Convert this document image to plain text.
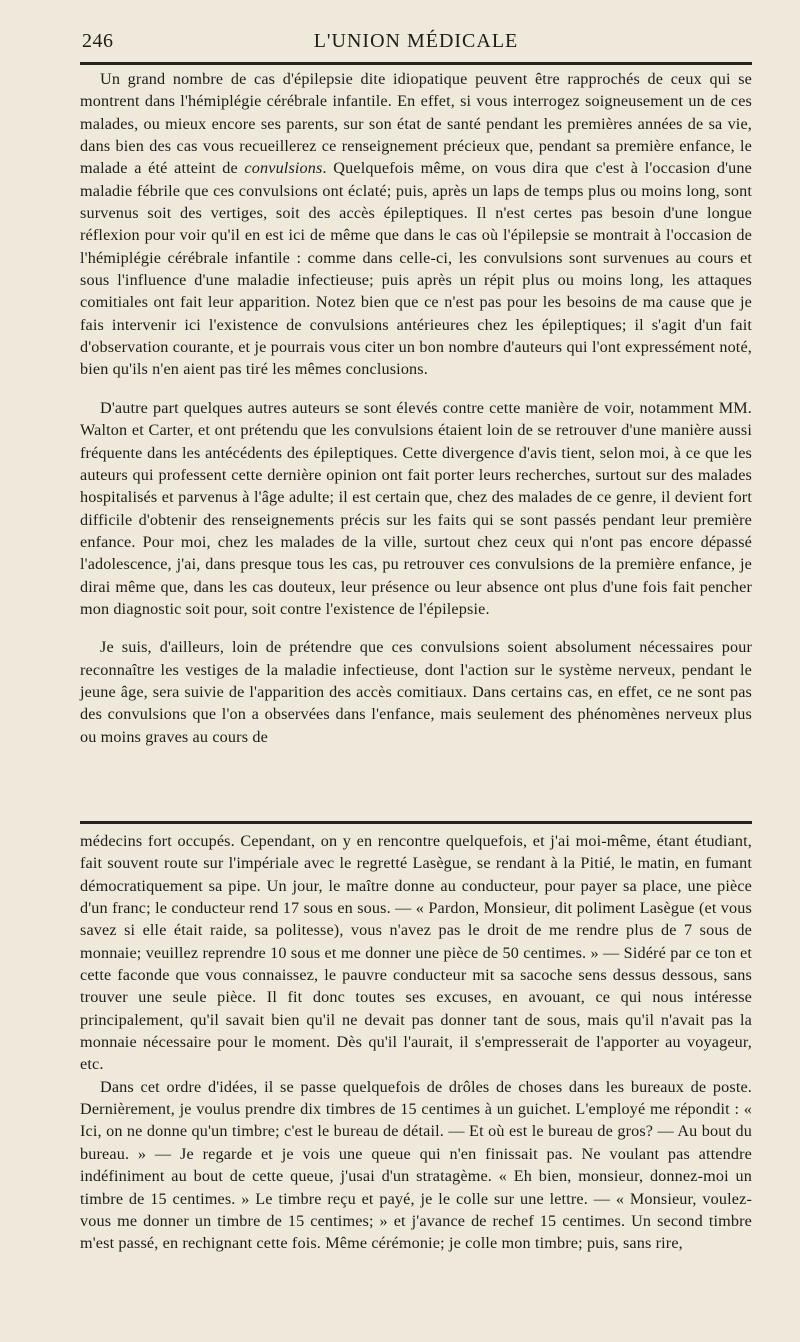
246	L'UNION MÉDICALE

Un grand nombre de cas d'épilepsie dite idiopatique peuvent être rapprochés de ceux qui se montrent dans l'hémiplégie cérébrale infantile. En effet, si vous interrogez soigneusement un de ces malades, ou mieux encore ses parents, sur son état de santé pendant les premières années de sa vie, dans bien des cas vous recueillerez ce renseignement précieux que, pendant sa première enfance, le malade a été atteint de convulsions. Quelquefois même, on vous dira que c'est à l'occasion d'une maladie fébrile que ces convulsions ont éclaté; puis, après un laps de temps plus ou moins long, sont survenus soit des vertiges, soit des accès épileptiques. Il n'est certes pas besoin d'une longue réflexion pour voir qu'il en est ici de même que dans le cas où l'épilepsie se montrait à l'occasion de l'hémiplégie cérébrale infantile : comme dans celle-ci, les convulsions sont survenues au cours et sous l'influence d'une maladie infectieuse; puis après un répit plus ou moins long, les attaques comitiales ont fait leur apparition. Notez bien que ce n'est pas pour les besoins de ma cause que je fais intervenir ici l'existence de convulsions antérieures chez les épileptiques; il s'agit d'un fait d'observation courante, et je pourrais vous citer un bon nombre d'auteurs qui l'ont expressément noté, bien qu'ils n'en aient pas tiré les mêmes conclusions.

D'autre part quelques autres auteurs se sont élevés contre cette manière de voir, notamment MM. Walton et Carter, et ont prétendu que les convulsions étaient loin de se retrouver d'une manière aussi fréquente dans les antécédents des épileptiques. Cette divergence d'avis tient, selon moi, à ce que les auteurs qui professent cette dernière opinion ont fait porter leurs recherches, surtout sur des malades hospitalisés et parvenus à l'âge adulte; il est certain que, chez des malades de ce genre, il devient fort difficile d'obtenir des renseignements précis sur les faits qui se sont passés pendant leur première enfance. Pour moi, chez les malades de la ville, surtout chez ceux qui n'ont pas encore dépassé l'adolescence, j'ai, dans presque tous les cas, pu retrouver ces convulsions de la première enfance, je dirai même que, dans les cas douteux, leur présence ou leur absence ont plus d'une fois fait pencher mon diagnostic soit pour, soit contre l'existence de l'épilepsie.

Je suis, d'ailleurs, loin de prétendre que ces convulsions soient absolument nécessaires pour reconnaître les vestiges de la maladie infectieuse, dont l'action sur le système nerveux, pendant le jeune âge, sera suivie de l'apparition des accès comitiaux. Dans certains cas, en effet, ce ne sont pas des convulsions que l'on a observées dans l'enfance, mais seulement des phénomènes nerveux plus ou moins graves au cours de

médecins fort occupés. Cependant, on y en rencontre quelquefois, et j'ai moi-même, étant étudiant, fait souvent route sur l'impériale avec le regretté Lasègue, se rendant à la Pitié, le matin, en fumant démocratiquement sa pipe. Un jour, le maître donne au conducteur, pour payer sa place, une pièce d'un franc; le conducteur rend 17 sous en sous. — « Pardon, Monsieur, dit poliment Lasègue (et vous savez si elle était raide, sa politesse), vous n'avez pas le droit de me rendre plus de 7 sous de monnaie; veuillez reprendre 10 sous et me donner une pièce de 50 centimes. » — Sidéré par ce ton et cette faconde que vous connaissez, le pauvre conducteur mit sa sacoche sens dessus dessous, sans trouver une seule pièce. Il fit donc toutes ses excuses, en avouant, ce qui nous intéresse principalement, qu'il savait bien qu'il ne devait pas donner tant de sous, mais qu'il n'avait pas la monnaie nécessaire pour le moment. Dès qu'il l'aurait, il s'empresserait de l'apporter au voyageur, etc.

Dans cet ordre d'idées, il se passe quelquefois de drôles de choses dans les bureaux de poste. Dernièrement, je voulus prendre dix timbres de 15 centimes à un guichet. L'employé me répondit : « Ici, on ne donne qu'un timbre; c'est le bureau de détail. — Et où est le bureau de gros? — Au bout du bureau. » — Je regarde et je vois une queue qui n'en finissait pas. Ne voulant pas attendre indéfiniment au bout de cette queue, j'usai d'un stratagème. « Eh bien, monsieur, donnez-moi un timbre de 15 centimes. » Le timbre reçu et payé, je le colle sur une lettre. — « Monsieur, voulez-vous me donner un timbre de 15 centimes; » et j'avance de rechef 15 centimes. Un second timbre m'est passé, en rechignant cette fois. Même cérémonie; je colle mon timbre; puis, sans rire,
